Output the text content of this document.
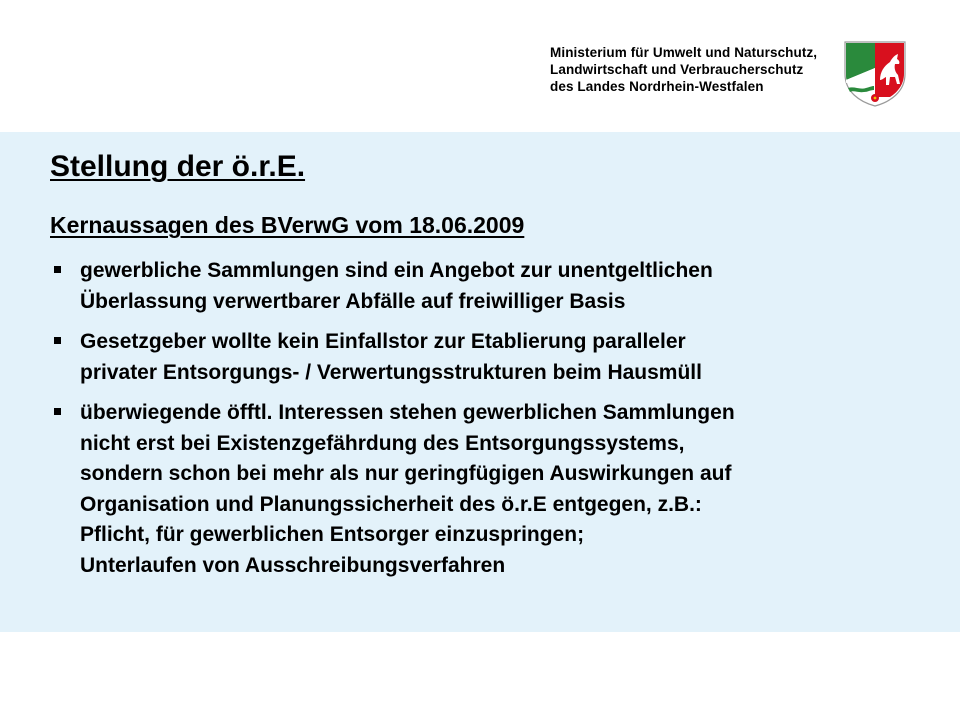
Ministerium für Umwelt und Naturschutz,
Landwirtschaft und Verbraucherschutz
des Landes Nordrhein-Westfalen
Stellung der ö.r.E.
Kernaussagen des BVerwG vom 18.06.2009
gewerbliche Sammlungen sind ein Angebot zur unentgeltlichen
Überlassung verwertbarer Abfälle auf freiwilliger Basis
Gesetzgeber wollte kein Einfallstor zur Etablierung paralleler
privater Entsorgungs- / Verwertungsstrukturen beim Hausmüll
überwiegende öfftl. Interessen stehen gewerblichen Sammlungen
nicht erst bei Existenzgefährdung des Entsorgungssystems,
sondern schon bei mehr als nur geringfügigen Auswirkungen auf
Organisation und Planungssicherheit des ö.r.E entgegen, z.B.:
Pflicht, für gewerblichen Entsorger einzuspringen;
Unterlaufen von Ausschreibungsverfahren
